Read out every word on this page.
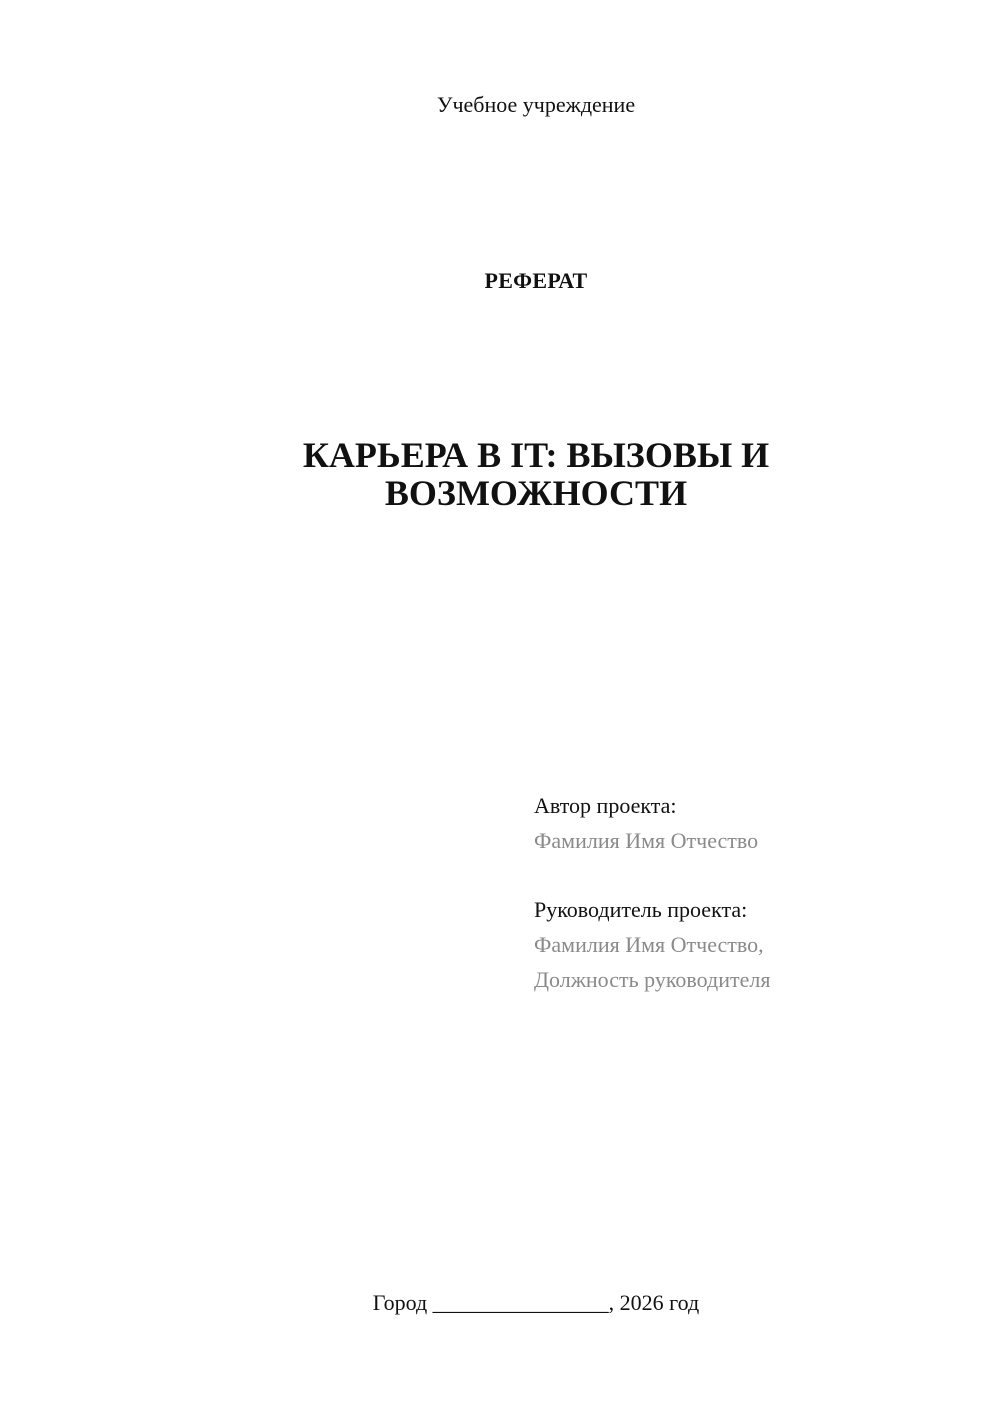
Учебное учреждение
РЕФЕРАТ
КАРЬЕРА В IT: ВЫЗОВЫ И
ВОЗМОЖНОСТИ
Автор проекта:
Фамилия Имя Отчество
Руководитель проекта:
Фамилия Имя Отчество,
Должность руководителя
Город ________________, 2026 год
